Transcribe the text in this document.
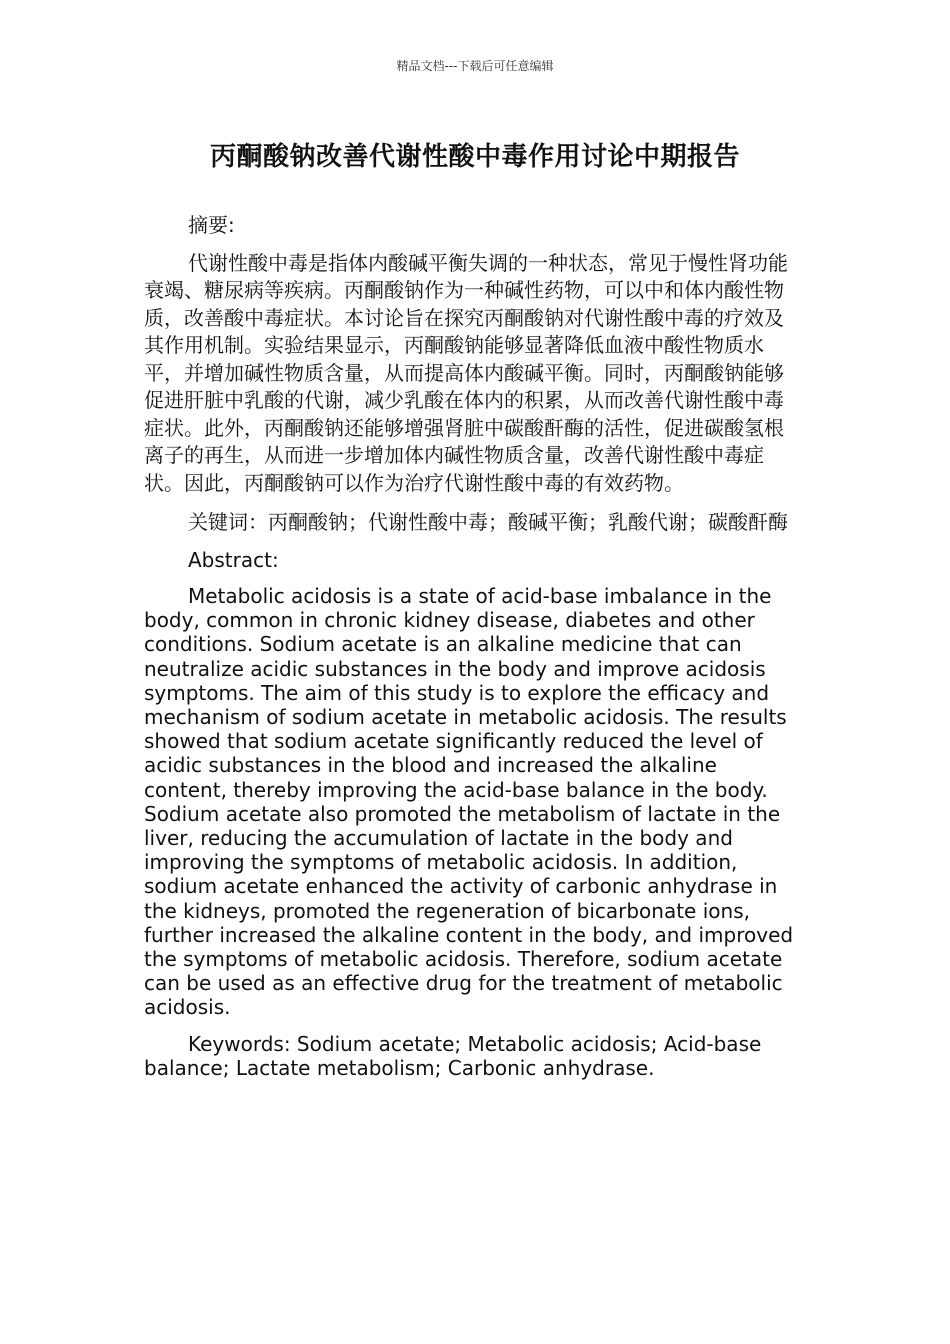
精品文档---下载后可任意编辑
丙酮酸钠改善代谢性酸中毒作用讨论中期报告

摘要:

代谢性酸中毒是指体内酸碱平衡失调的一种状态，常见于慢性肾功能衰竭、糖尿病等疾病。丙酮酸钠作为一种碱性药物，可以中和体内酸性物质，改善酸中毒症状。本讨论旨在探究丙酮酸钠对代谢性酸中毒的疗效及其作用机制。实验结果显示，丙酮酸钠能够显著降低血液中酸性物质水平，并增加碱性物质含量，从而提高体内酸碱平衡。同时，丙酮酸钠能够促进肝脏中乳酸的代谢，减少乳酸在体内的积累，从而改善代谢性酸中毒症状。此外，丙酮酸钠还能够增强肾脏中碳酸酐酶的活性，促进碳酸氢根离子的再生，从而进一步增加体内碱性物质含量，改善代谢性酸中毒症状。因此，丙酮酸钠可以作为治疗代谢性酸中毒的有效药物。

关键词：丙酮酸钠；代谢性酸中毒；酸碱平衡；乳酸代谢；碳酸酐酶

Abstract:

Metabolic acidosis is a state of acid-base imbalance in the body, common in chronic kidney disease, diabetes and other conditions. Sodium acetate is an alkaline medicine that can neutralize acidic substances in the body and improve acidosis symptoms. The aim of this study is to explore the efficacy and mechanism of sodium acetate in metabolic acidosis. The results showed that sodium acetate significantly reduced the level of acidic substances in the blood and increased the alkaline content, thereby improving the acid-base balance in the body. Sodium acetate also promoted the metabolism of lactate in the liver, reducing the accumulation of lactate in the body and improving the symptoms of metabolic acidosis. In addition, sodium acetate enhanced the activity of carbonic anhydrase in the kidneys, promoted the regeneration of bicarbonate ions, further increased the alkaline content in the body, and improved the symptoms of metabolic acidosis. Therefore, sodium acetate can be used as an effective drug for the treatment of metabolic acidosis.

Keywords: Sodium acetate; Metabolic acidosis; Acid-base balance; Lactate metabolism; Carbonic anhydrase.
